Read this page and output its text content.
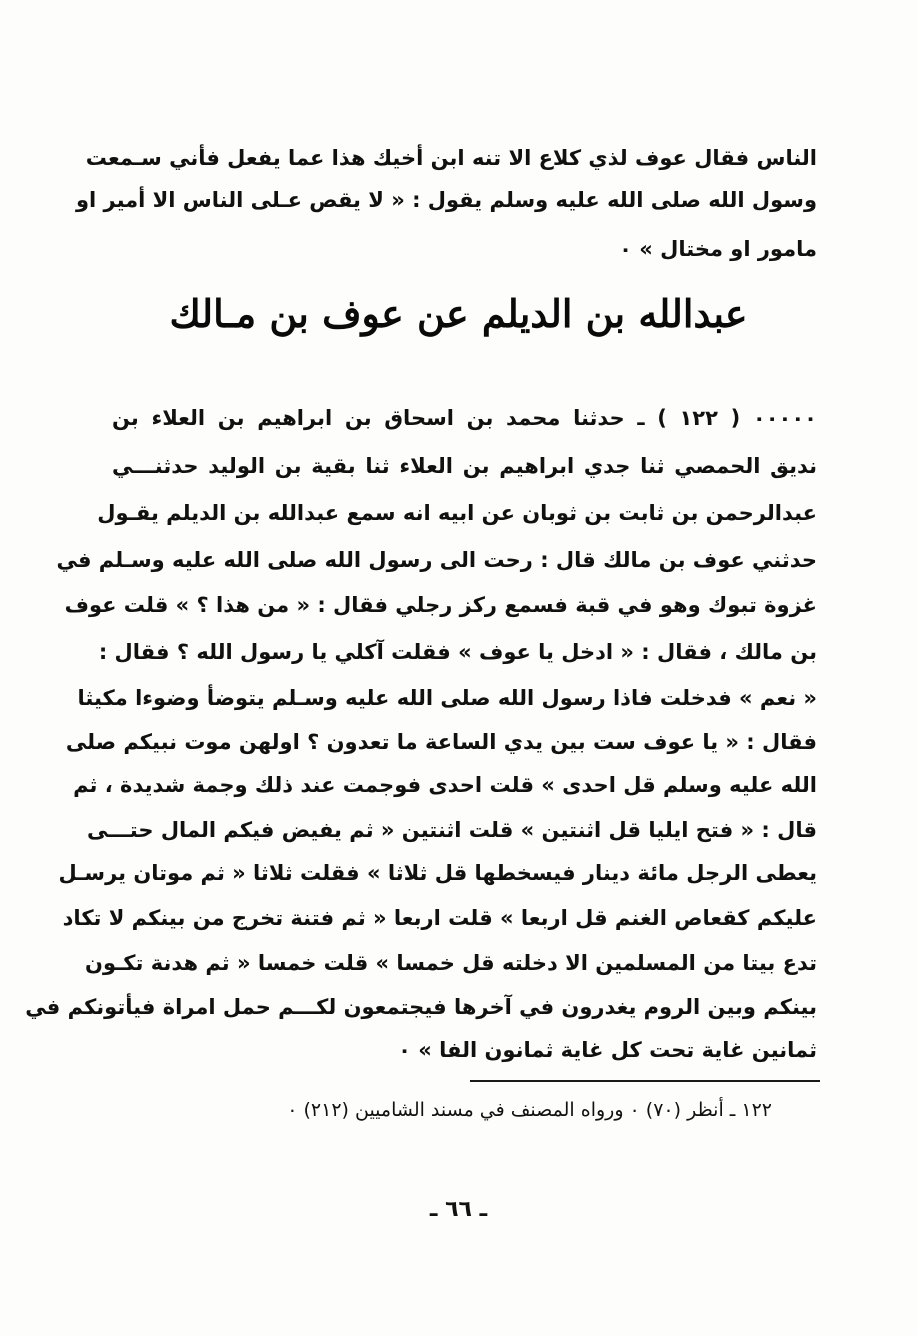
الناس فقال عوف لذي كلاع الا تنه ابن أخيك هذا عما يفعل فأني سـمعت
وسول الله صلى الله عليه وسلم يقول : « لا يقص عـلى الناس الا أمير او
مامور او مختال » ٠
عبدالله بن الديلم عن عوف بن مـالك
٠٠٠٠٠ ( ١٢٢ ) ـ حدثنا محمد بن اسحاق بن ابراهيم بن العلاء بن
نديق الحمصي ثنا جدي ابراهيم بن العلاء ثنا بقية بن الوليد حدثنـــي
عبدالرحمن بن ثابت بن ثوبان عن ابيه انه سمع عبدالله بن الديلم يقـول
حدثني عوف بن مالك قال : رحت الى رسول الله صلى الله عليه وسـلم في
غزوة تبوك وهو في قبة فسمع ركز رجلي فقال : « من هذا ؟ » قلت عوف
بن مالك ، فقال : « ادخل يا عوف » فقلت آكلي يا رسول الله ؟ فقال :
« نعم » فدخلت فاذا رسول الله صلى الله عليه وسـلم يتوضأ وضوءا مكيثا
فقال : « يا عوف ست بين يدي الساعة ما تعدون ؟ اولهن موت نبيكم صلى
الله عليه وسلم قل احدى » قلت احدى فوجمت عند ذلك وجمة شديدة ، ثم
قال : « فتح ايليا قل اثنتين » قلت اثنتين « ثم يفيض فيكم المال حتـــى
يعطى الرجل مائة دينار فيسخطها قل ثلاثا » فقلت ثلاثا « ثم موتان يرسـل
عليكم كقعاص الغنم قل اربعا » قلت اربعا « ثم فتنة تخرج من بينكم لا تكاد
تدع بيتا من المسلمين الا دخلته قل خمسا » قلت خمسا « ثم هدنة تكـون
بينكم وبين الروم يغدرون في آخرها فيجتمعون لكـــم حمل امراة فيأتونكم في
ثمانين غاية تحت كل غاية ثمانون الفا » ٠
١٢٢ ـ أنظر (٧٠) ٠ ورواه المصنف في مسند الشاميين (٢١٢) ٠
ـ ٦٦ ـ
